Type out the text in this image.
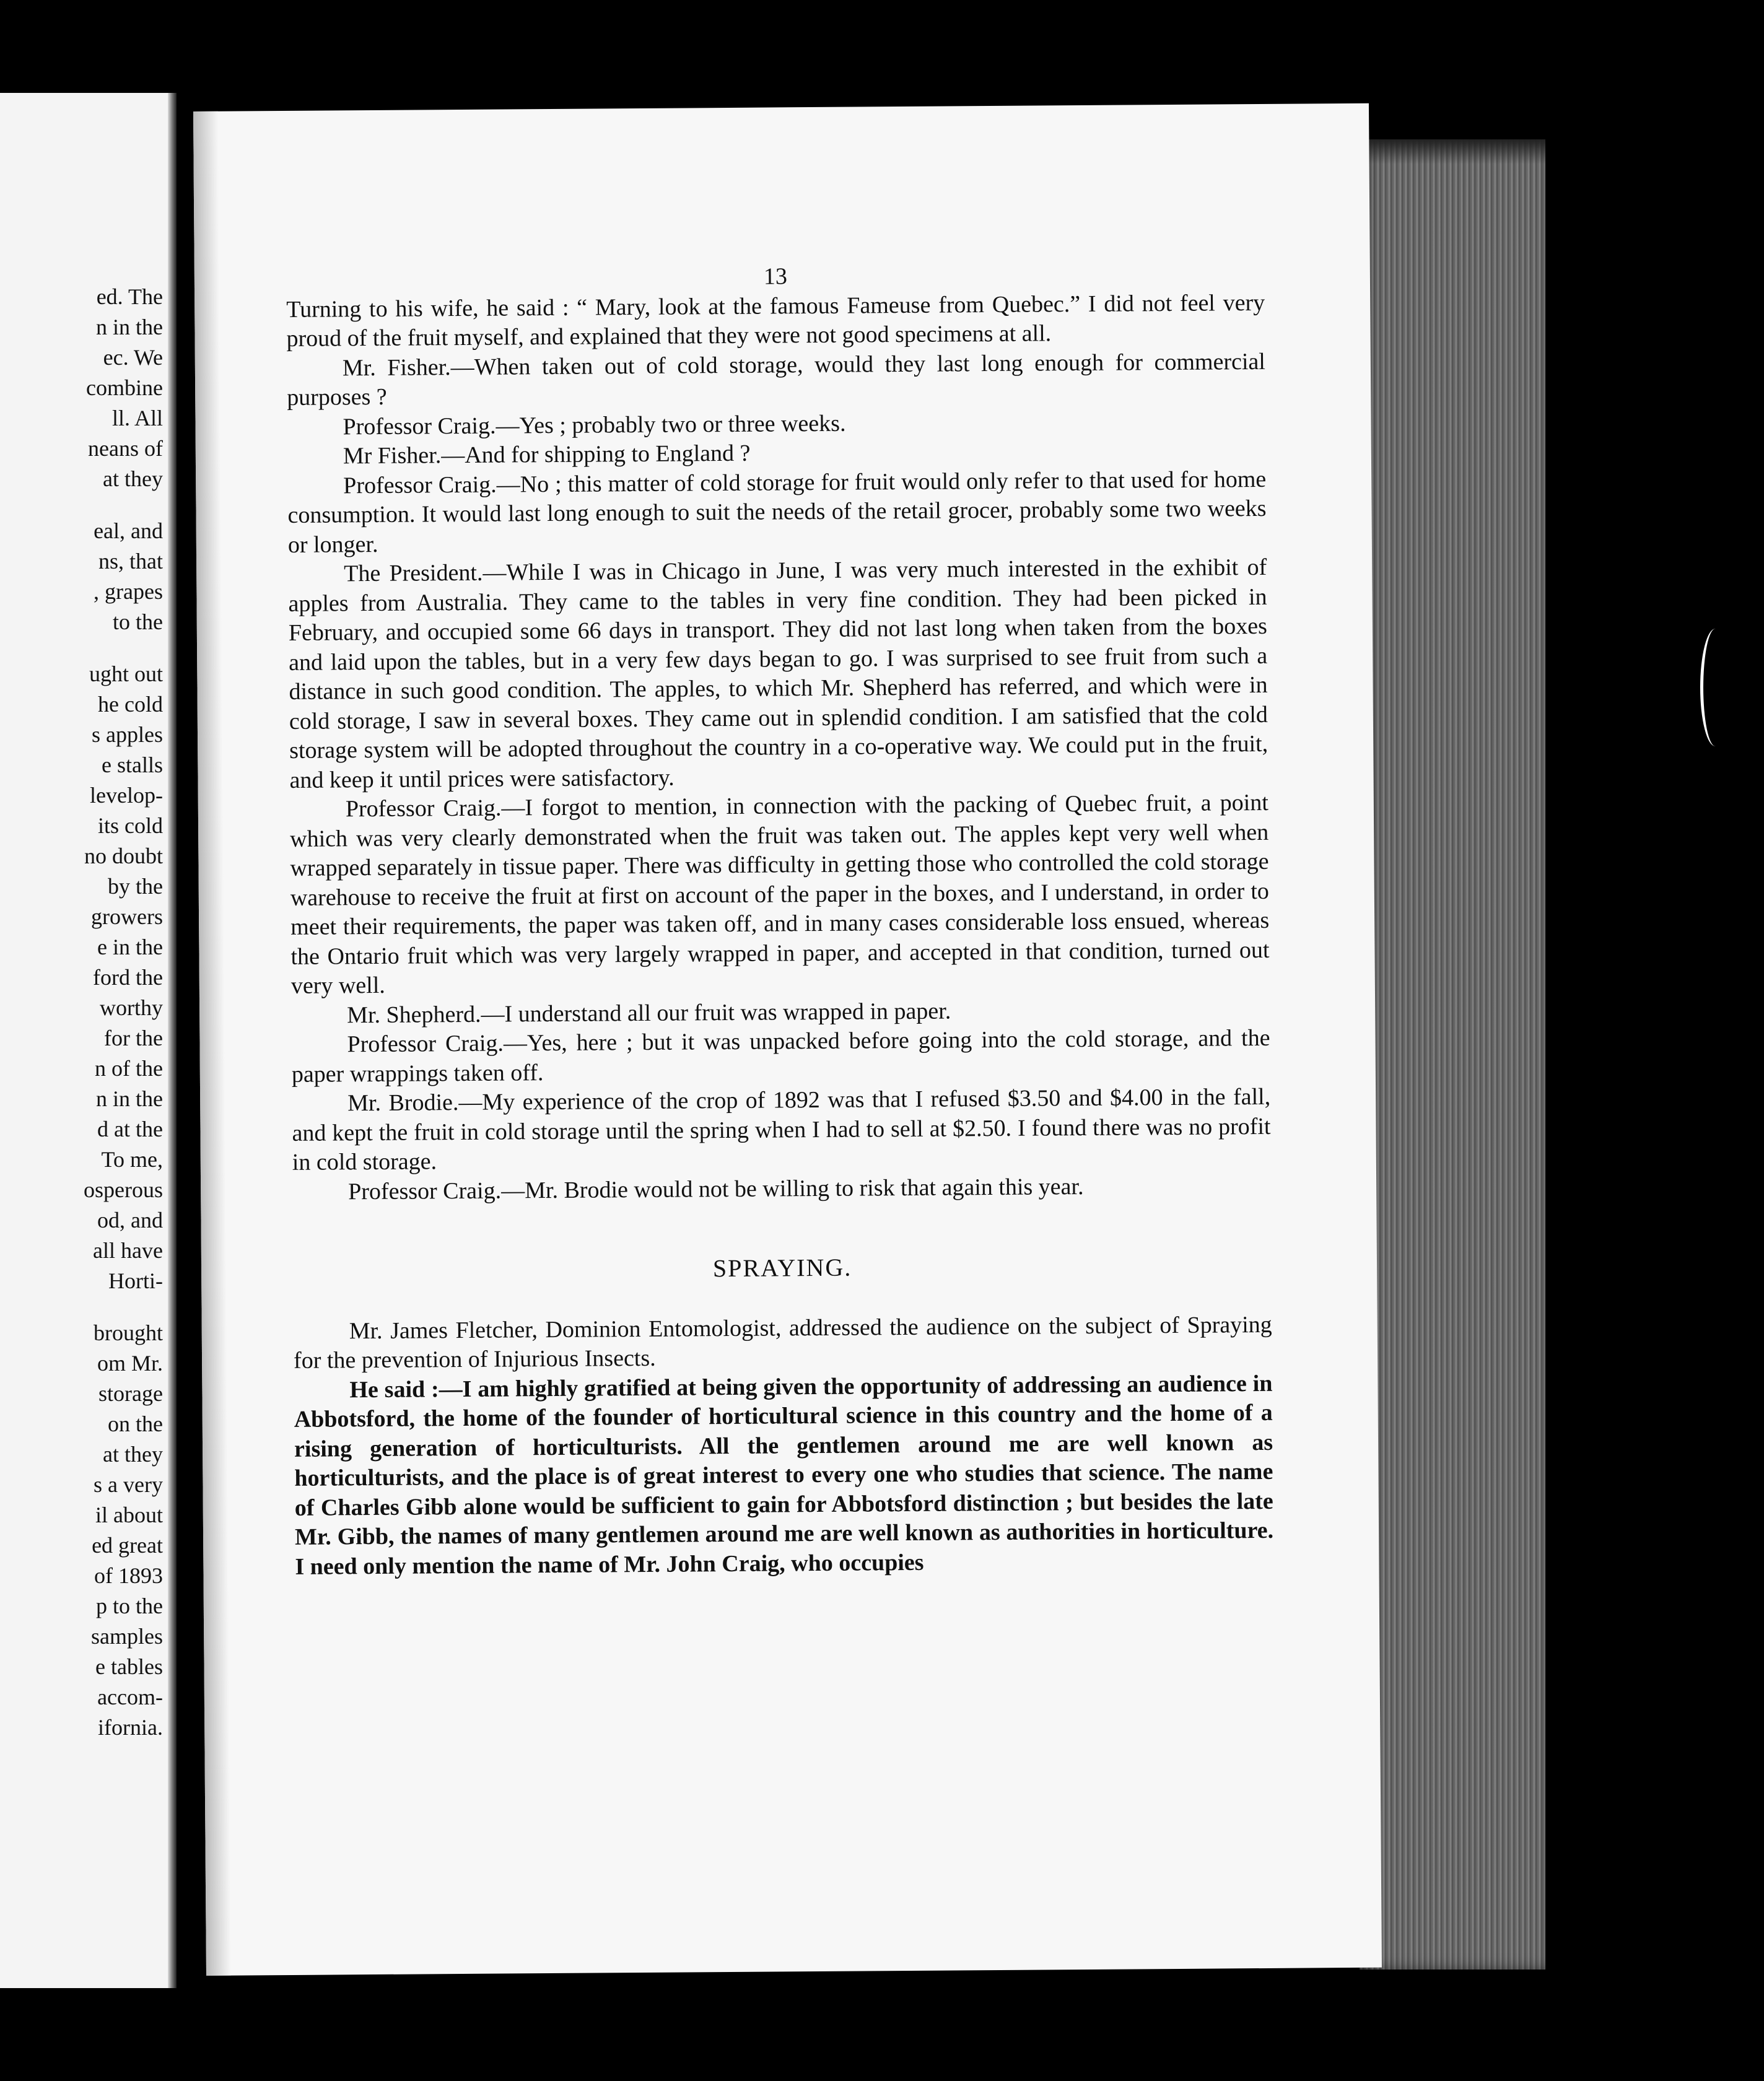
ed. The
n in the
ec. We
combine
ll. All
neans of
at they
eal, and
ns, that
, grapes
to the
ught out
he cold
s apples
e stalls
levelop-
its cold
no doubt
by the
growers
e in the
ford the
worthy
for the
n of the
n in the
d at the
To me,
osperous
od, and
all have
Horti-
brought
om Mr.
storage
on the
at they
s a very
il about
ed great
of 1893
p to the
samples
e tables
accom-
ifornia.
13

Turning to his wife, he said : “ Mary, look at the famous Fameuse from Quebec.” I did not feel very proud of the fruit myself, and explained that they were not good specimens at all.

Mr. Fisher.—When taken out of cold storage, would they last long enough for commercial purposes ?

Professor Craig.—Yes ; probably two or three weeks.

Mr Fisher.—And for shipping to England ?

Professor Craig.—No ; this matter of cold storage for fruit would only refer to that used for home consumption. It would last long enough to suit the needs of the retail grocer, probably some two weeks or longer.

The President.—While I was in Chicago in June, I was very much interested in the exhibit of apples from Australia. They came to the tables in very fine condition. They had been picked in February, and occupied some 66 days in transport. They did not last long when taken from the boxes and laid upon the tables, but in a very few days began to go. I was surprised to see fruit from such a distance in such good condition. The apples, to which Mr. Shepherd has referred, and which were in cold storage, I saw in several boxes. They came out in splendid condition. I am satisfied that the cold storage system will be adopted throughout the country in a co-operative way. We could put in the fruit, and keep it until prices were satisfactory.

Professor Craig.—I forgot to mention, in connection with the packing of Quebec fruit, a point which was very clearly demonstrated when the fruit was taken out. The apples kept very well when wrapped separately in tissue paper. There was difficulty in getting those who controlled the cold storage warehouse to receive the fruit at first on account of the paper in the boxes, and I understand, in order to meet their requirements, the paper was taken off, and in many cases considerable loss ensued, whereas the Ontario fruit which was very largely wrapped in paper, and accepted in that condition, turned out very well.

Mr. Shepherd.—I understand all our fruit was wrapped in paper.

Professor Craig.—Yes, here ; but it was unpacked before going into the cold storage, and the paper wrappings taken off.

Mr. Brodie.—My experience of the crop of 1892 was that I refused $3.50 and $4.00 in the fall, and kept the fruit in cold storage until the spring when I had to sell at $2.50. I found there was no profit in cold storage.

Professor Craig.—Mr. Brodie would not be willing to risk that again this year.

SPRAYING.

Mr. James Fletcher, Dominion Entomologist, addressed the audience on the subject of Spraying for the prevention of Injurious Insects.

He said :—I am highly gratified at being given the opportunity of addressing an audience in Abbotsford, the home of the founder of horticultural science in this country and the home of a rising generation of horticulturists. All the gentlemen around me are well known as horticulturists, and the place is of great interest to every one who studies that science. The name of Charles Gibb alone would be sufficient to gain for Abbotsford distinction ; but besides the late Mr. Gibb, the names of many gentlemen around me are well known as authorities in horticulture. I need only mention the name of Mr. John Craig, who occupies
